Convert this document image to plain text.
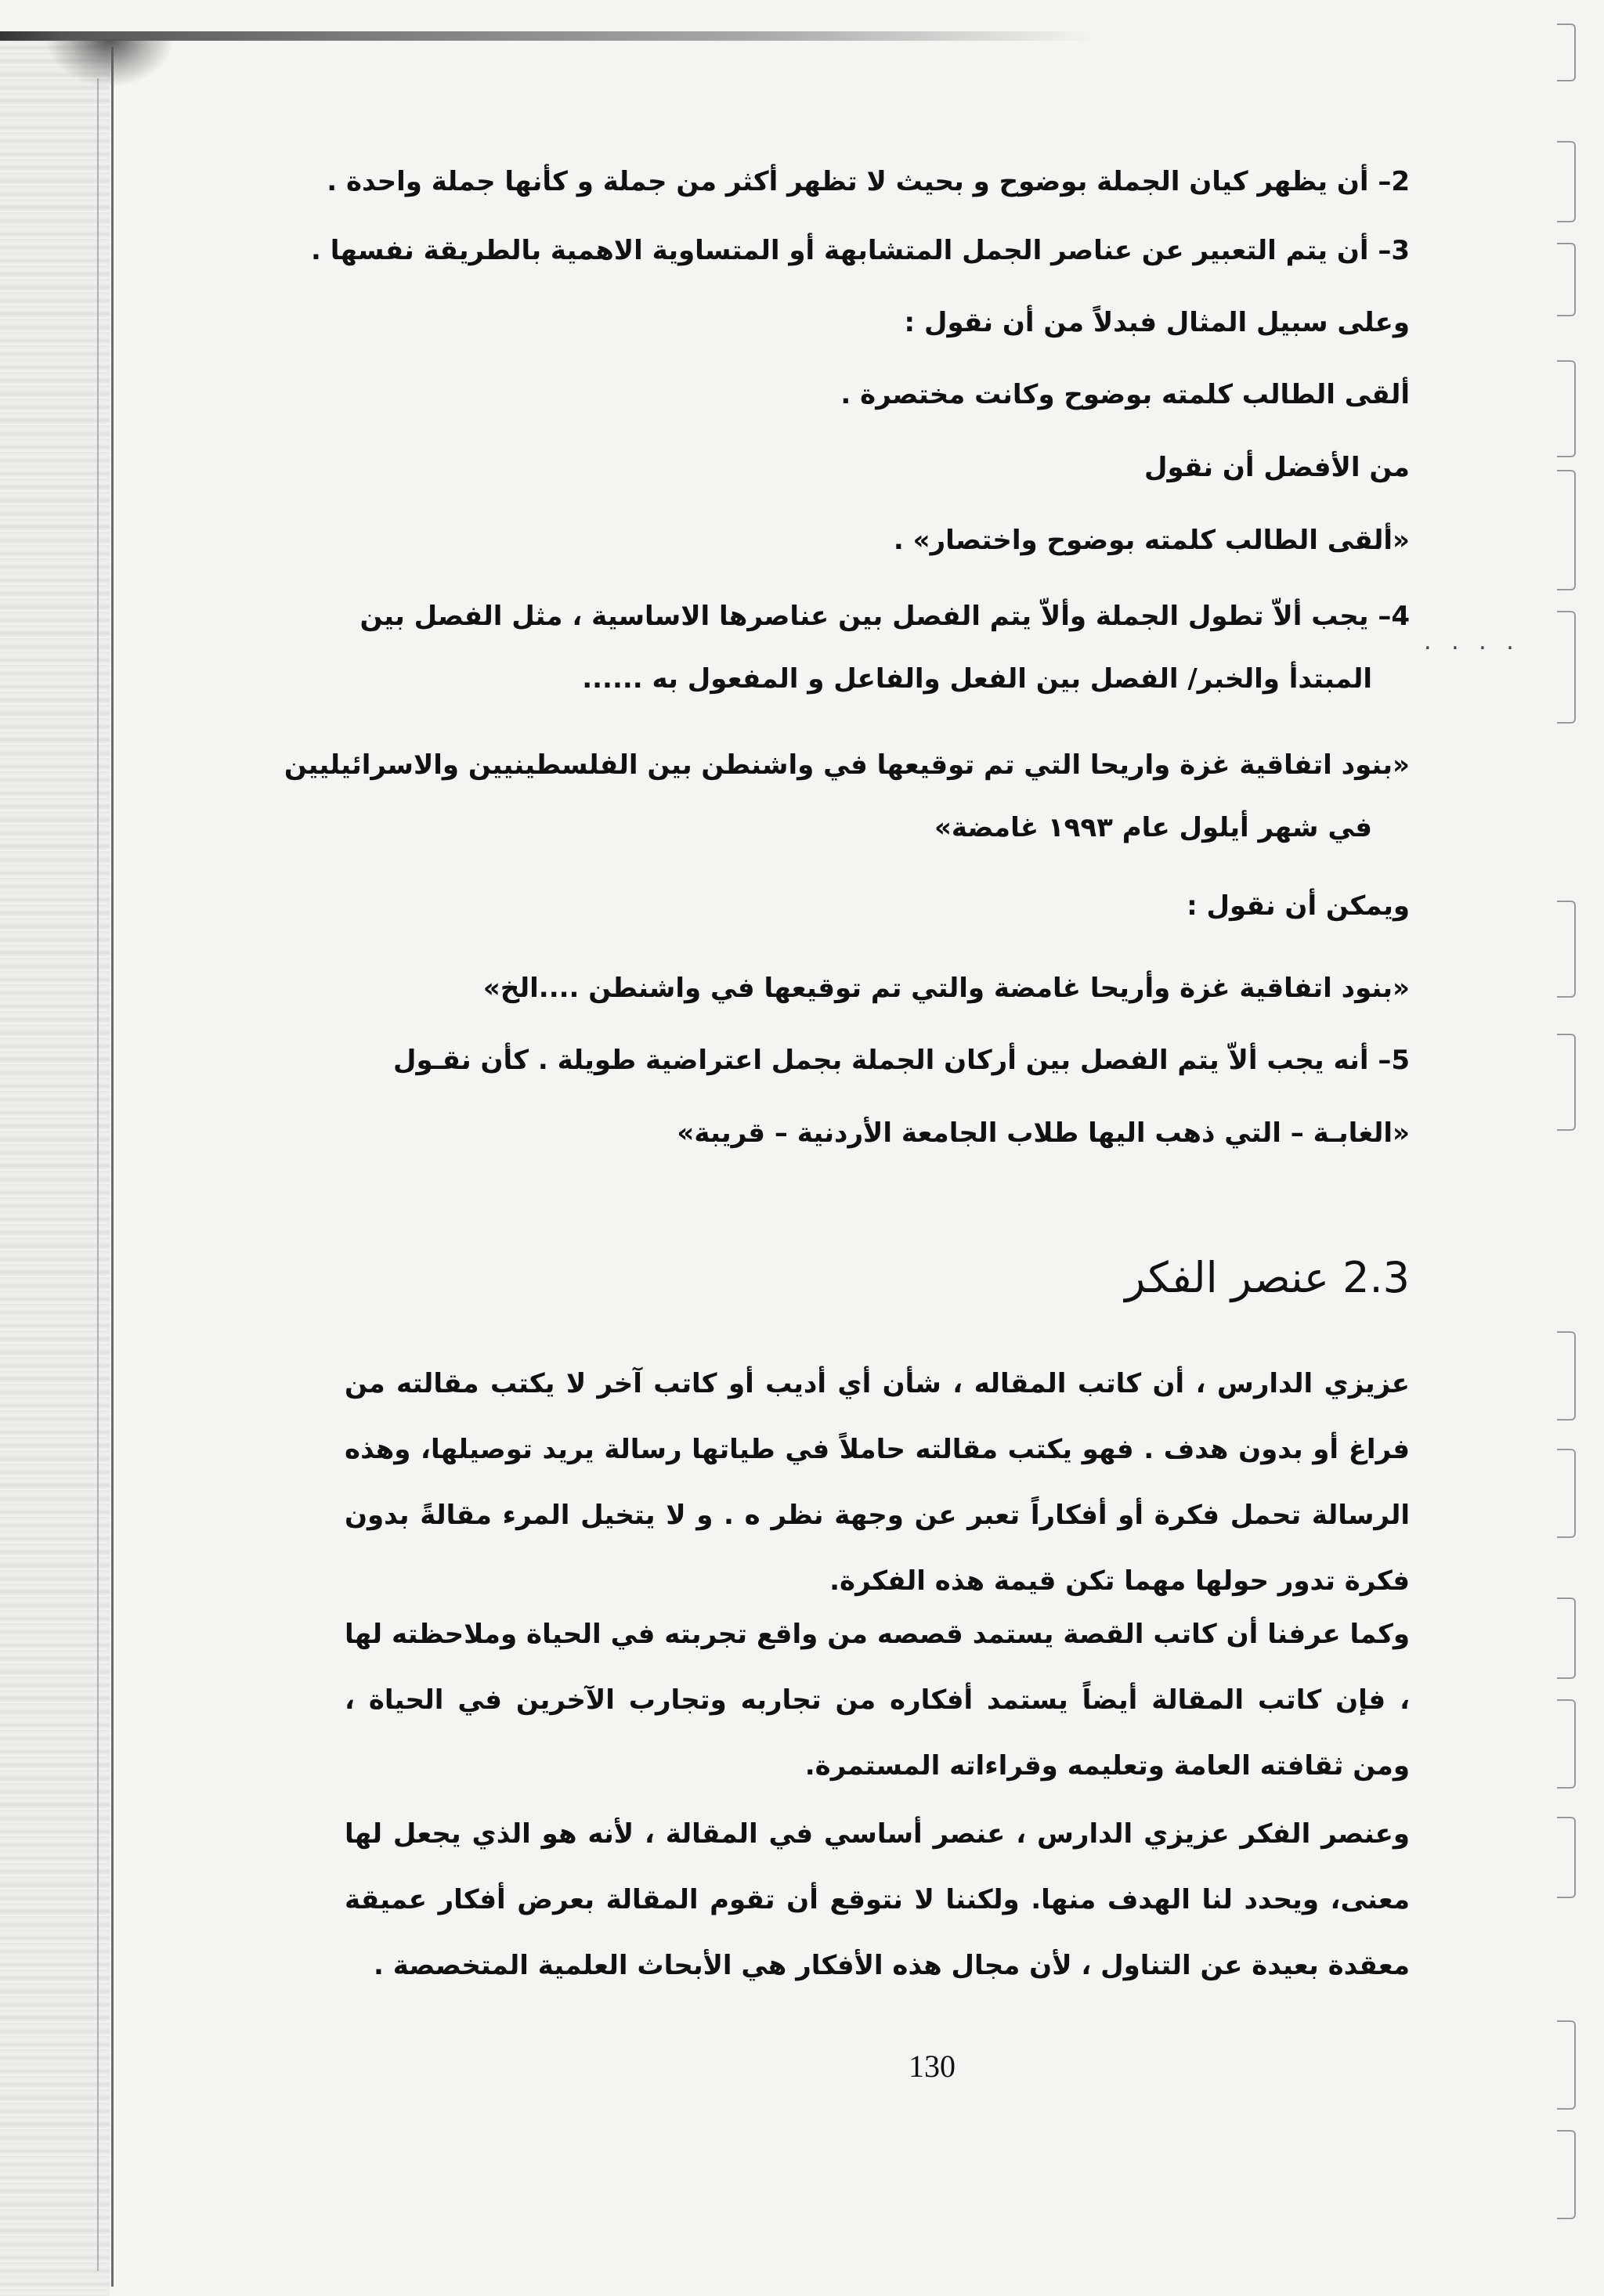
. . . .
2– أن يظهر كيان الجملة بوضوح و بحيث لا تظهر أكثر من جملة و كأنها جملة واحدة .
3– أن يتم التعبير عن عناصر الجمل المتشابهة أو المتساوية الاهمية بالطريقة نفسها .
وعلى سبيل المثال فبدلاً من أن نقول :
ألقى الطالب كلمته بوضوح وكانت مختصرة .
من الأفضل أن نقول
«ألقى الطالب كلمته بوضوح واختصار» .
4– يجب ألاّ تطول الجملة وألاّ يتم الفصل بين عناصرها الاساسية ، مثل الفصل بين
المبتدأ والخبر/ الفصل بين الفعل والفاعل و المفعول به ......
«بنود اتفاقية غزة واريحا التي تم توقيعها في واشنطن بين الفلسطينيين والاسرائيليين
في شهر أيلول عام ١٩٩٣ غامضة»
ويمكن أن نقول :
«بنود اتفاقية غزة وأريحا غامضة والتي تم توقيعها في واشنطن ....الخ»
5– أنه يجب ألاّ يتم الفصل بين أركان الجملة بجمل اعتراضية طويلة . كأن نقـول
«الغابـة – التي ذهب اليها طلاب الجامعة الأردنية – قريبة»
2.3 عنصر الفكر
عزيزي الدارس ، أن كاتب المقاله ، شأن أي أديب أو كاتب آخر لا يكتب مقالته من فراغ أو بدون هدف . فهو يكتب مقالته حاملاً في طياتها رسالة يريد توصيلها، وهذه الرسالة تحمل فكرة أو أفكاراً تعبر عن وجهة نظر ه . و لا يتخيل المرء مقالةً بدون فكرة تدور حولها مهما تكن قيمة هذه الفكرة.
وكما عرفنا أن كاتب القصة يستمد قصصه من واقع تجربته في الحياة وملاحظته لها ، فإن كاتب المقالة أيضاً يستمد أفكاره من تجاربه وتجارب الآخرين في الحياة ، ومن ثقافته العامة وتعليمه وقراءاته المستمرة.
وعنصر الفكر عزيزي الدارس ، عنصر أساسي في المقالة ، لأنه هو الذي يجعل لها معنى، ويحدد لنا الهدف منها. ولكننا لا نتوقع أن تقوم المقالة بعرض أفكار عميقة معقدة بعيدة عن التناول ، لأن مجال هذه الأفكار هي الأبحاث العلمية المتخصصة .
130
